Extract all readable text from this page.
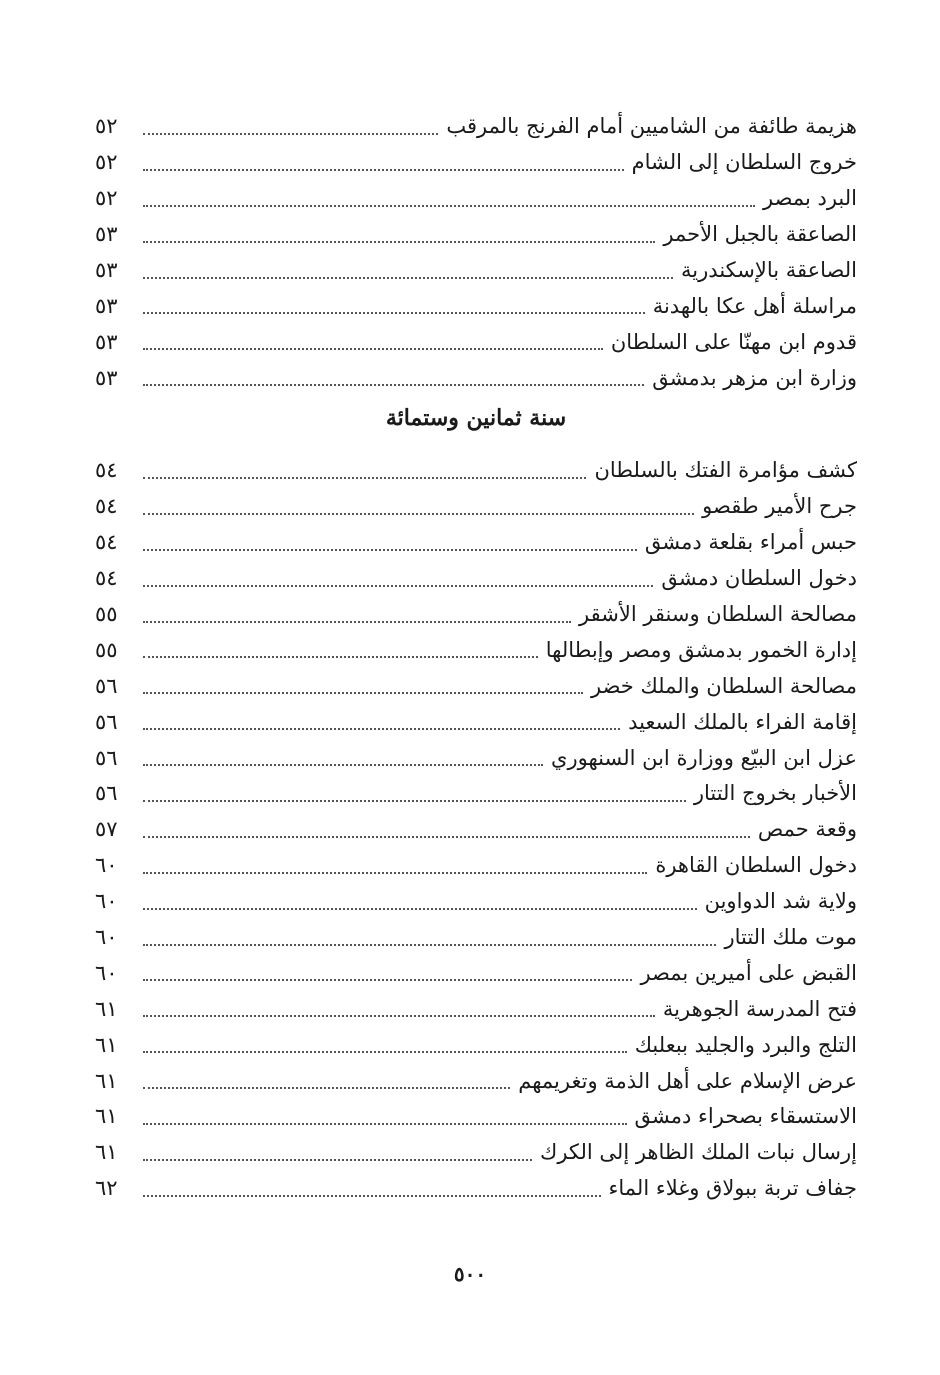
هزيمة طائفة من الشاميين أمام الفرنج بالمرقب
٥٢
خروج السلطان إلى الشام
٥٢
البرد بمصر
٥٢
الصاعقة بالجبل الأحمر
٥٣
الصاعقة بالإسكندرية
٥٣
مراسلة أهل عكا بالهدنة
٥٣
قدوم ابن مهنّا على السلطان
٥٣
وزارة ابن مزهر بدمشق
٥٣
سنة ثمانين وستمائة
كشف مؤامرة الفتك بالسلطان
٥٤
جرح الأمير طقصو
٥٤
حبس أمراء بقلعة دمشق
٥٤
دخول السلطان دمشق
٥٤
مصالحة السلطان وسنقر الأشقر
٥٥
إدارة الخمور بدمشق ومصر وإبطالها
٥٥
مصالحة السلطان والملك خضر
٥٦
إقامة الفراء بالملك السعيد
٥٦
عزل ابن البيّع ووزارة ابن السنهوري
٥٦
الأخبار بخروج التتار
٥٦
وقعة حمص
٥٧
دخول السلطان القاهرة
٦٠
ولاية شد الدواوين
٦٠
موت ملك التتار
٦٠
القبض على أميرين بمصر
٦٠
فتح المدرسة الجوهرية
٦١
التلج والبرد والجليد ببعلبك
٦١
عرض الإسلام على أهل الذمة وتغريمهم
٦١
الاستسقاء بصحراء دمشق
٦١
إرسال نبات الملك الظاهر إلى الكرك
٦١
جفاف تربة ببولاق وغلاء الماء
٦٢
٥٠٠
